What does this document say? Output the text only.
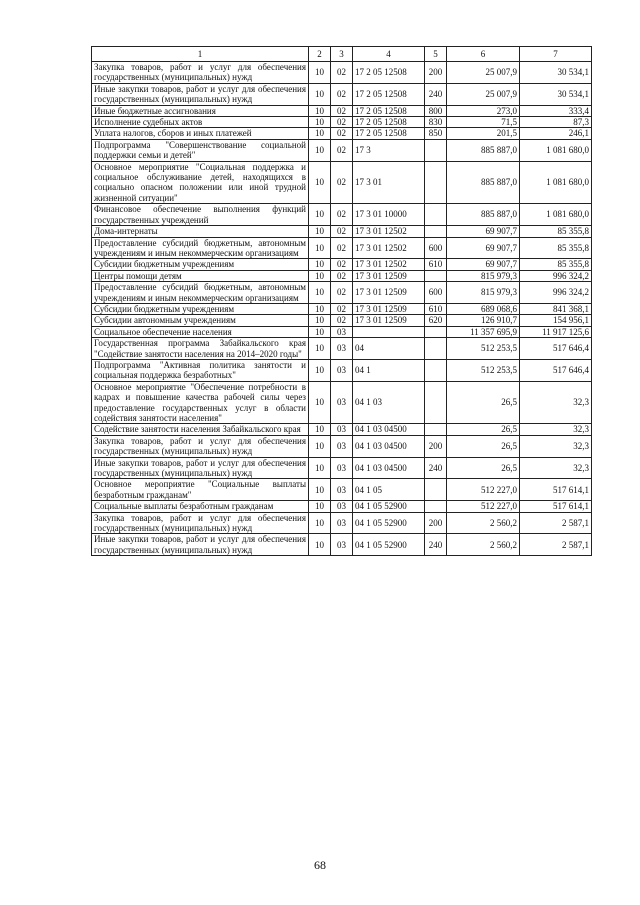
1	2	3	4	5	6	7
Закупка товаров, работ и услуг для обеспечения государственных (муниципальных) нужд	10	02	17 2 05 12508	200	25 007,9	30 534,1
Иные закупки товаров, работ и услуг для обеспечения государственных (муниципальных) нужд	10	02	17 2 05 12508	240	25 007,9	30 534,1
Иные бюджетные ассигнования	10	02	17 2 05 12508	800	273,0	333,4
Исполнение судебных актов	10	02	17 2 05 12508	830	71,5	87,3
Уплата налогов, сборов и иных платежей	10	02	17 2 05 12508	850	201,5	246,1
Подпрограмма "Совершенствование социальной поддержки семьи и детей"	10	02	17 3		885 887,0	1 081 680,0
Основное мероприятие "Социальная поддержка и социальное обслуживание детей, находящихся в социально опасном положении или иной трудной жизненной ситуации"	10	02	17 3 01		885 887,0	1 081 680,0
Финансовое обеспечение выполнения функций государственных учреждений	10	02	17 3 01 10000		885 887,0	1 081 680,0
Дома-интернаты	10	02	17 3 01 12502		69 907,7	85 355,8
Предоставление субсидий бюджетным, автономным учреждениям и иным некоммерческим организациям	10	02	17 3 01 12502	600	69 907,7	85 355,8
Субсидии бюджетным учреждениям	10	02	17 3 01 12502	610	69 907,7	85 355,8
Центры помощи детям	10	02	17 3 01 12509		815 979,3	996 324,2
Предоставление субсидий бюджетным, автономным учреждениям и иным некоммерческим организациям	10	02	17 3 01 12509	600	815 979,3	996 324,2
Субсидии бюджетным учреждениям	10	02	17 3 01 12509	610	689 068,6	841 368,1
Субсидии автономным учреждениям	10	02	17 3 01 12509	620	126 910,7	154 956,1
Социальное обеспечение населения	10	03			11 357 695,9	11 917 125,6
Государственная программа Забайкальского края "Содействие занятости населения на 2014–2020 годы"	10	03	04		512 253,5	517 646,4
Подпрограмма "Активная политика занятости и социальная поддержка безработных"	10	03	04 1		512 253,5	517 646,4
Основное мероприятие "Обеспечение потребности в кадрах и повышение качества рабочей силы через предоставление государственных услуг в области содействия занятости населения"	10	03	04 1 03		26,5	32,3
Содействие занятости населения Забайкальского края	10	03	04 1 03 04500		26,5	32,3
Закупка товаров, работ и услуг для обеспечения государственных (муниципальных) нужд	10	03	04 1 03 04500	200	26,5	32,3
Иные закупки товаров, работ и услуг для обеспечения государственных (муниципальных) нужд	10	03	04 1 03 04500	240	26,5	32,3
Основное мероприятие "Социальные выплаты безработным гражданам"	10	03	04 1 05		512 227,0	517 614,1
Социальные выплаты безработным гражданам	10	03	04 1 05 52900		512 227,0	517 614,1
Закупка товаров, работ и услуг для обеспечения государственных (муниципальных) нужд	10	03	04 1 05 52900	200	2 560,2	2 587,1
Иные закупки товаров, работ и услуг для обеспечения государственных (муниципальных) нужд	10	03	04 1 05 52900	240	2 560,2	2 587,1
68
